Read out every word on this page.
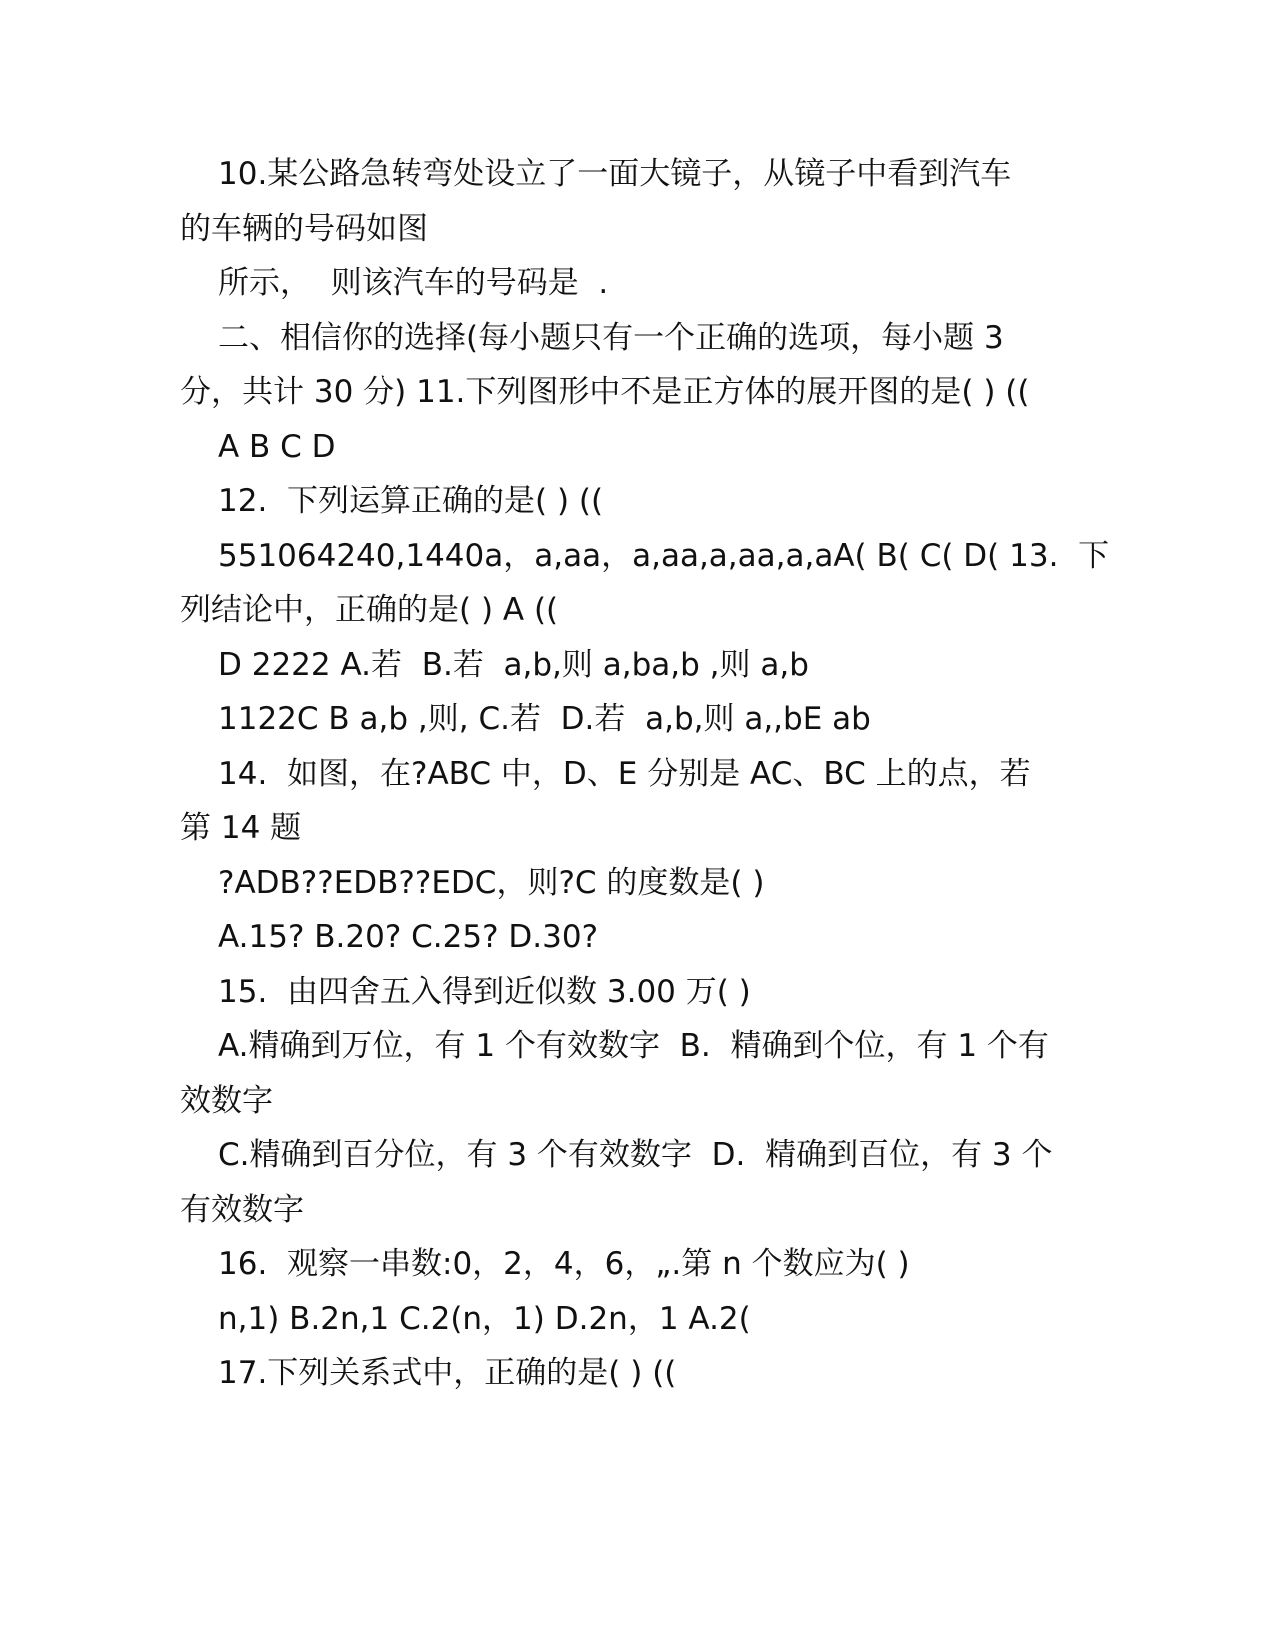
10.某公路急转弯处设立了一面大镜子，从镜子中看到汽车
的车辆的号码如图
所示，  则该汽车的号码是  .
二、相信你的选择(每小题只有一个正确的选项，每小题 3
分，共计 30 分) 11.下列图形中不是正方体的展开图的是( ) ((
A B C D
12.  下列运算正确的是( ) ((
551064240,1440a，a,aa，a,aa,a,aa,a,aA( B( C( D( 13.  下
列结论中，正确的是( ) A ((
D 2222 A.若  B.若  a,b,则 a,ba,b ,则 a,b
1122C B a,b ,则, C.若  D.若  a,b,则 a,,bE ab
14.  如图，在?ABC 中，D、E 分别是 AC、BC 上的点，若
第 14 题
?ADB??EDB??EDC，则?C 的度数是( )
A.15? B.20? C.25? D.30?
15.  由四舍五入得到近似数 3.00 万( )
A.精确到万位，有 1 个有效数字  B.  精确到个位，有 1 个有
效数字
C.精确到百分位，有 3 个有效数字  D.  精确到百位，有 3 个
有效数字
16.  观察一串数:0，2，4，6，„.第 n 个数应为( )
n,1) B.2n,1 C.2(n，1) D.2n，1 A.2(
17.下列关系式中，正确的是( ) ((
